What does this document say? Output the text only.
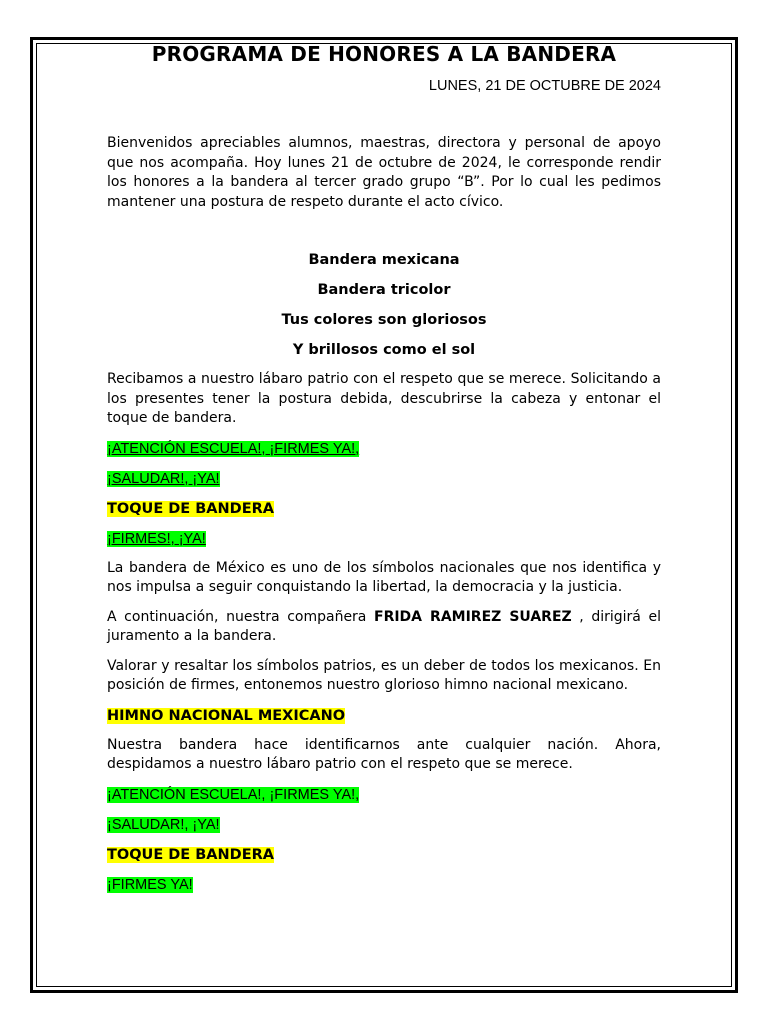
PROGRAMA DE HONORES A LA BANDERA
LUNES, 21 DE OCTUBRE DE 2024

Bienvenidos apreciables alumnos, maestras, directora y personal de apoyo que nos acompaña. Hoy lunes 21 de octubre de 2024, le corresponde rendir los honores a la bandera al tercer grado grupo “B”. Por lo cual les pedimos mantener una postura de respeto durante el acto cívico.

Bandera mexicana
Bandera tricolor
Tus colores son gloriosos
Y brillosos como el sol

Recibamos a nuestro lábaro patrio con el respeto que se merece. Solicitando a los presentes tener la postura debida, descubrirse la cabeza y entonar el toque de bandera.

¡ATENCIÓN ESCUELA!, ¡FIRMES YA!,

¡SALUDAR!, ¡YA!

TOQUE DE BANDERA

¡FIRMES!, ¡YA!

La bandera de México es uno de los símbolos nacionales que nos identifica y nos impulsa a seguir conquistando la libertad, la democracia y la justicia.

A continuación, nuestra compañera FRIDA RAMIREZ SUAREZ , dirigirá el juramento a la bandera.

Valorar y resaltar los símbolos patrios, es un deber de todos los mexicanos. En posición de firmes, entonemos nuestro glorioso himno nacional mexicano.

HIMNO NACIONAL MEXICANO

Nuestra bandera hace identificarnos ante cualquier nación. Ahora, despidamos a nuestro lábaro patrio con el respeto que se merece.

¡ATENCIÓN ESCUELA!, ¡FIRMES YA!,

¡SALUDAR!, ¡YA!

TOQUE DE BANDERA

¡FIRMES YA!
